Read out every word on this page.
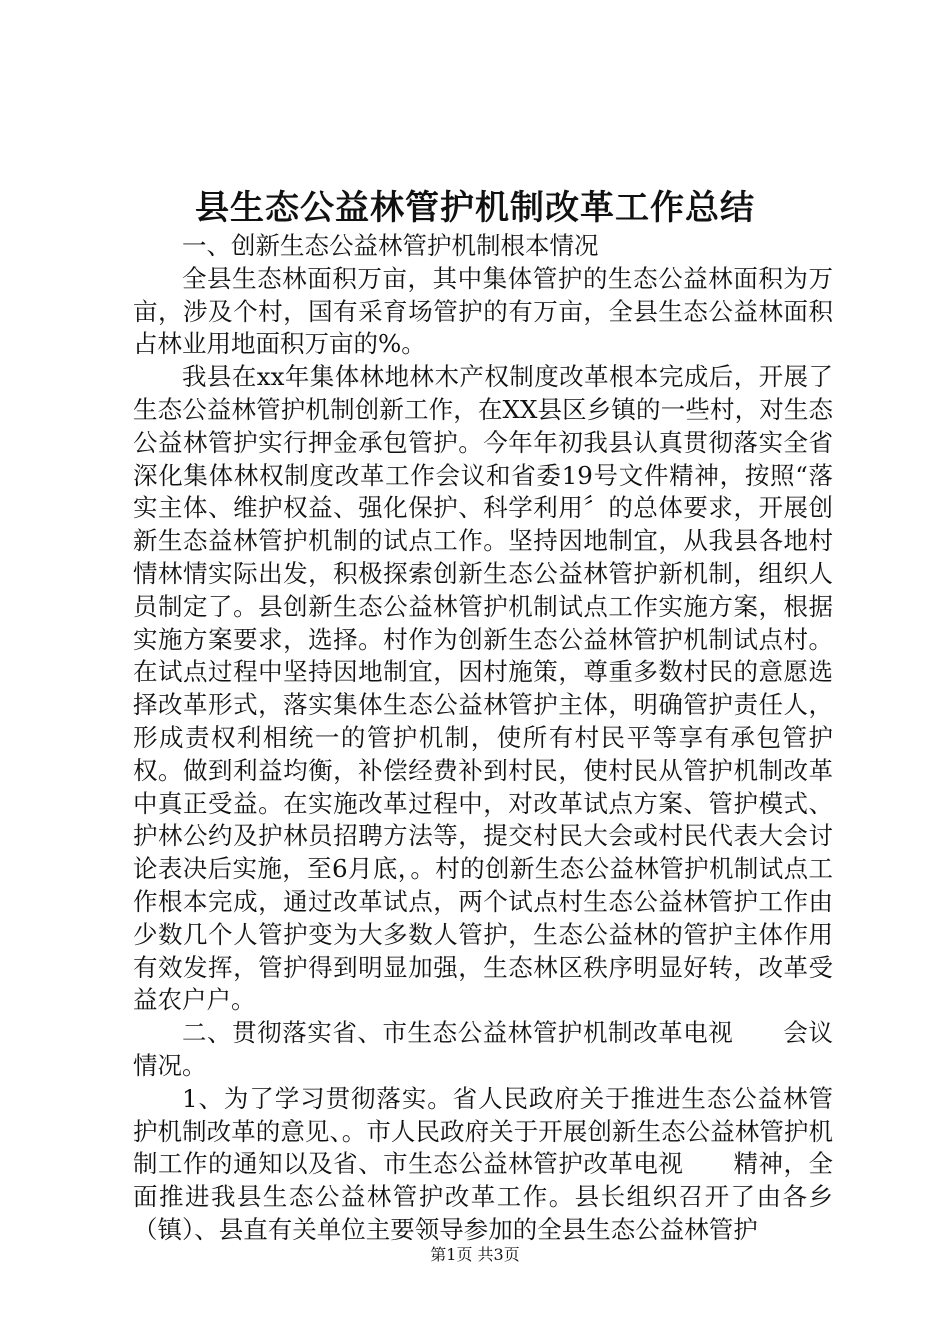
县生态公益林管护机制改革工作总结

一、创新生态公益林管护机制根本情况

全县生态林面积万亩，其中集体管护的生态公益林面积为万亩，涉及个村，国有采育场管护的有万亩，全县生态公益林面积占林业用地面积万亩的%。

我县在xx年集体林地林木产权制度改革根本完成后，开展了生态公益林管护机制创新工作，在XX县区乡镇的一些村，对生态公益林管护实行押金承包管护。今年年初我县认真贯彻落实全省深化集体林权制度改革工作会议和省委19号文件精神，按照“落实主体、维护权益、强化保护、科学利用〞的总体要求，开展创新生态益林管护机制的试点工作。坚持因地制宜，从我县各地村情林情实际出发，积极探索创新生态公益林管护新机制，组织人员制定了。县创新生态公益林管护机制试点工作实施方案，根据实施方案要求，选择。村作为创新生态公益林管护机制试点村。在试点过程中坚持因地制宜，因村施策，尊重多数村民的意愿选择改革形式，落实集体生态公益林管护主体，明确管护责任人，形成责权利相统一的管护机制，使所有村民平等享有承包管护权。做到利益均衡，补偿经费补到村民，使村民从管护机制改革中真正受益。在实施改革过程中，对改革试点方案、管护模式、护林公约及护林员招聘方法等，提交村民大会或村民代表大会讨论表决后实施，至6月底，。村的创新生态公益林管护机制试点工作根本完成，通过改革试点，两个试点村生态公益林管护工作由少数几个人管护变为大多数人管护，生态公益林的管护主体作用有效发挥，管护得到明显加强，生态林区秩序明显好转，改革受益农户户。

二、贯彻落实省、市生态公益林管护机制改革电视　　会议情况。

1、为了学习贯彻落实。省人民政府关于推进生态公益林管护机制改革的意见、。市人民政府关于开展创新生态公益林管护机制工作的通知以及省、市生态公益林管护改革电视　　精神，全面推进我县生态公益林管护改革工作。县长组织召开了由各乡（镇）、县直有关单位主要领导参加的全县生态公益林管护

第1页 共3页
